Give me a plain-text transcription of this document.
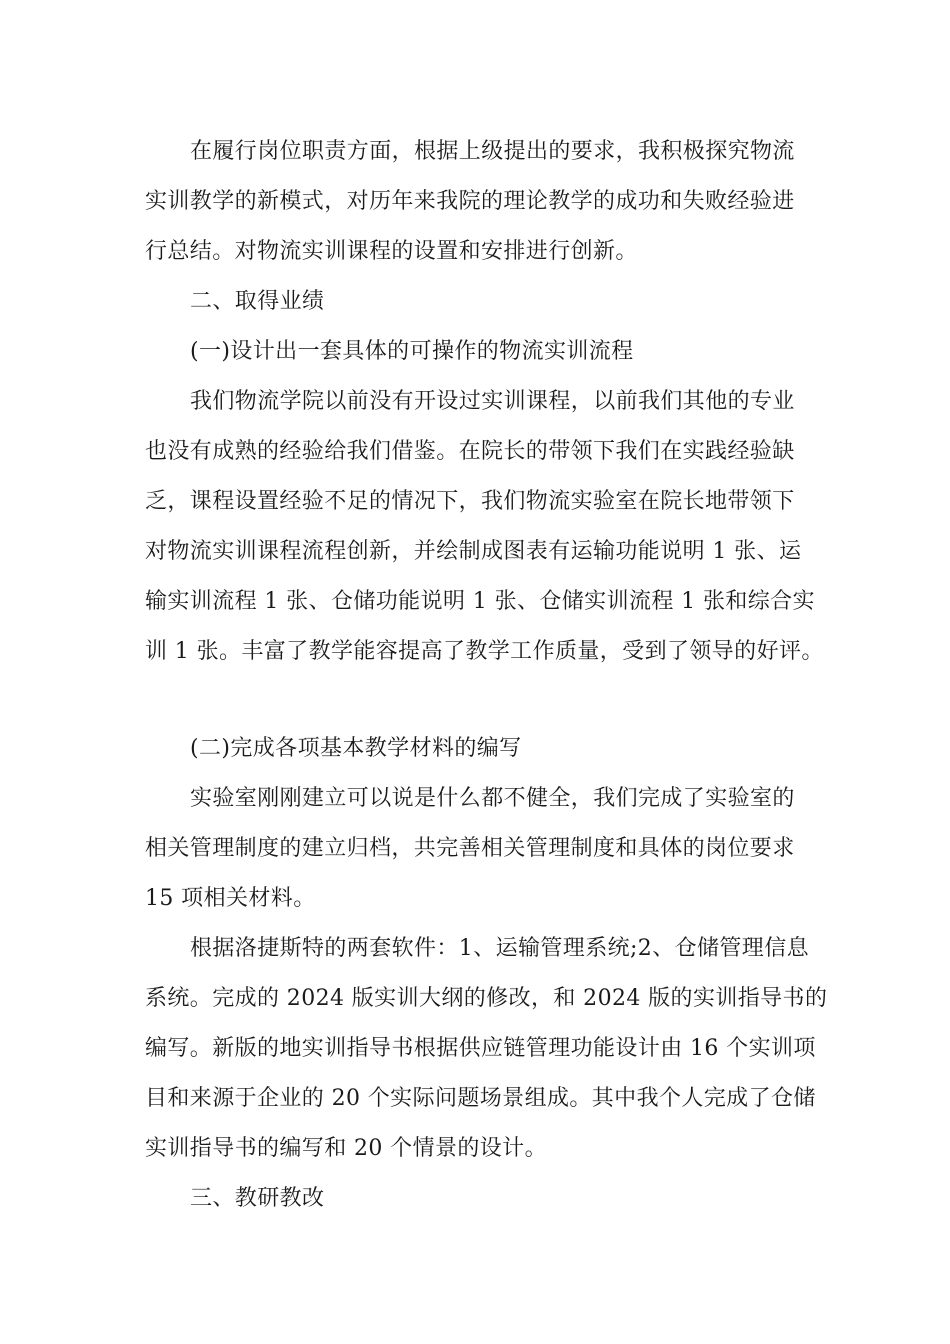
在履行岗位职责方面，根据上级提出的要求，我积极探究物流
实训教学的新模式，对历年来我院的理论教学的成功和失败经验进
行总结。对物流实训课程的设置和安排进行创新。
二、取得业绩
(一)设计出一套具体的可操作的物流实训流程
我们物流学院以前没有开设过实训课程，以前我们其他的专业
也没有成熟的经验给我们借鉴。在院长的带领下我们在实践经验缺
乏，课程设置经验不足的情况下，我们物流实验室在院长地带领下
对物流实训课程流程创新，并绘制成图表有运输功能说明 1 张、运
输实训流程 1 张、仓储功能说明 1 张、仓储实训流程 1 张和综合实
训 1 张。丰富了教学能容提高了教学工作质量，受到了领导的好评。
(二)完成各项基本教学材料的编写
实验室刚刚建立可以说是什么都不健全，我们完成了实验室的
相关管理制度的建立归档，共完善相关管理制度和具体的岗位要求
15 项相关材料。
根据洛捷斯特的两套软件：1、运输管理系统;2、仓储管理信息
系统。完成的 2024 版实训大纲的修改，和 2024 版的实训指导书的
编写。新版的地实训指导书根据供应链管理功能设计由 16 个实训项
目和来源于企业的 20 个实际问题场景组成。其中我个人完成了仓储
实训指导书的编写和 20 个情景的设计。
三、教研教改
